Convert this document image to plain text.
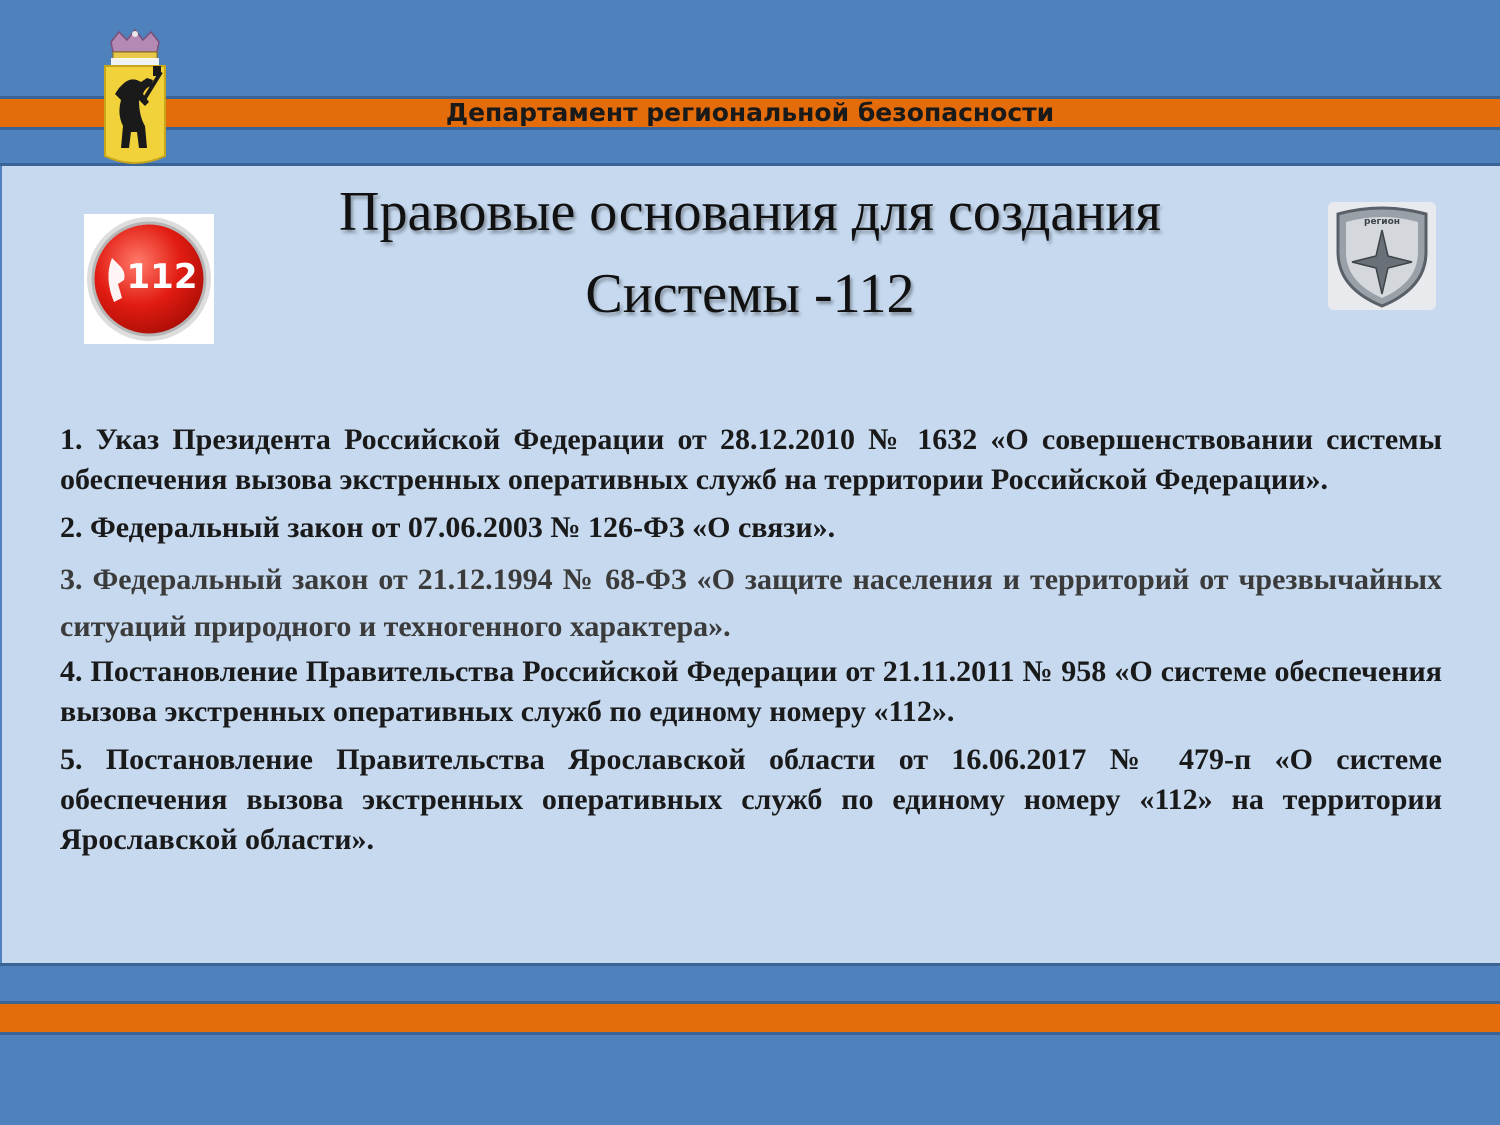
Департамент региональной безопасности
112
регион
Правовые основания для создания
Системы -112

1. Указ Президента Российской Федерации от 28.12.2010 № 1632 «О совершенствовании системы обеспечения вызова экстренных оперативных служб на территории Российской Федерации».

2. Федеральный закон от 07.06.2003 № 126-ФЗ «О связи».

3. Федеральный закон от 21.12.1994 № 68-ФЗ «О защите населения и территорий от чрезвычайных ситуаций природного и техногенного характера».

4. Постановление Правительства Российской Федерации от 21.11.2011 № 958 «О системе обеспечения вызова экстренных оперативных служб по единому номеру «112».

5. Постановление Правительства Ярославской области от 16.06.2017 № 479-п «О системе обеспечения вызова экстренных оперативных служб по единому номеру «112» на территории Ярославской области».
